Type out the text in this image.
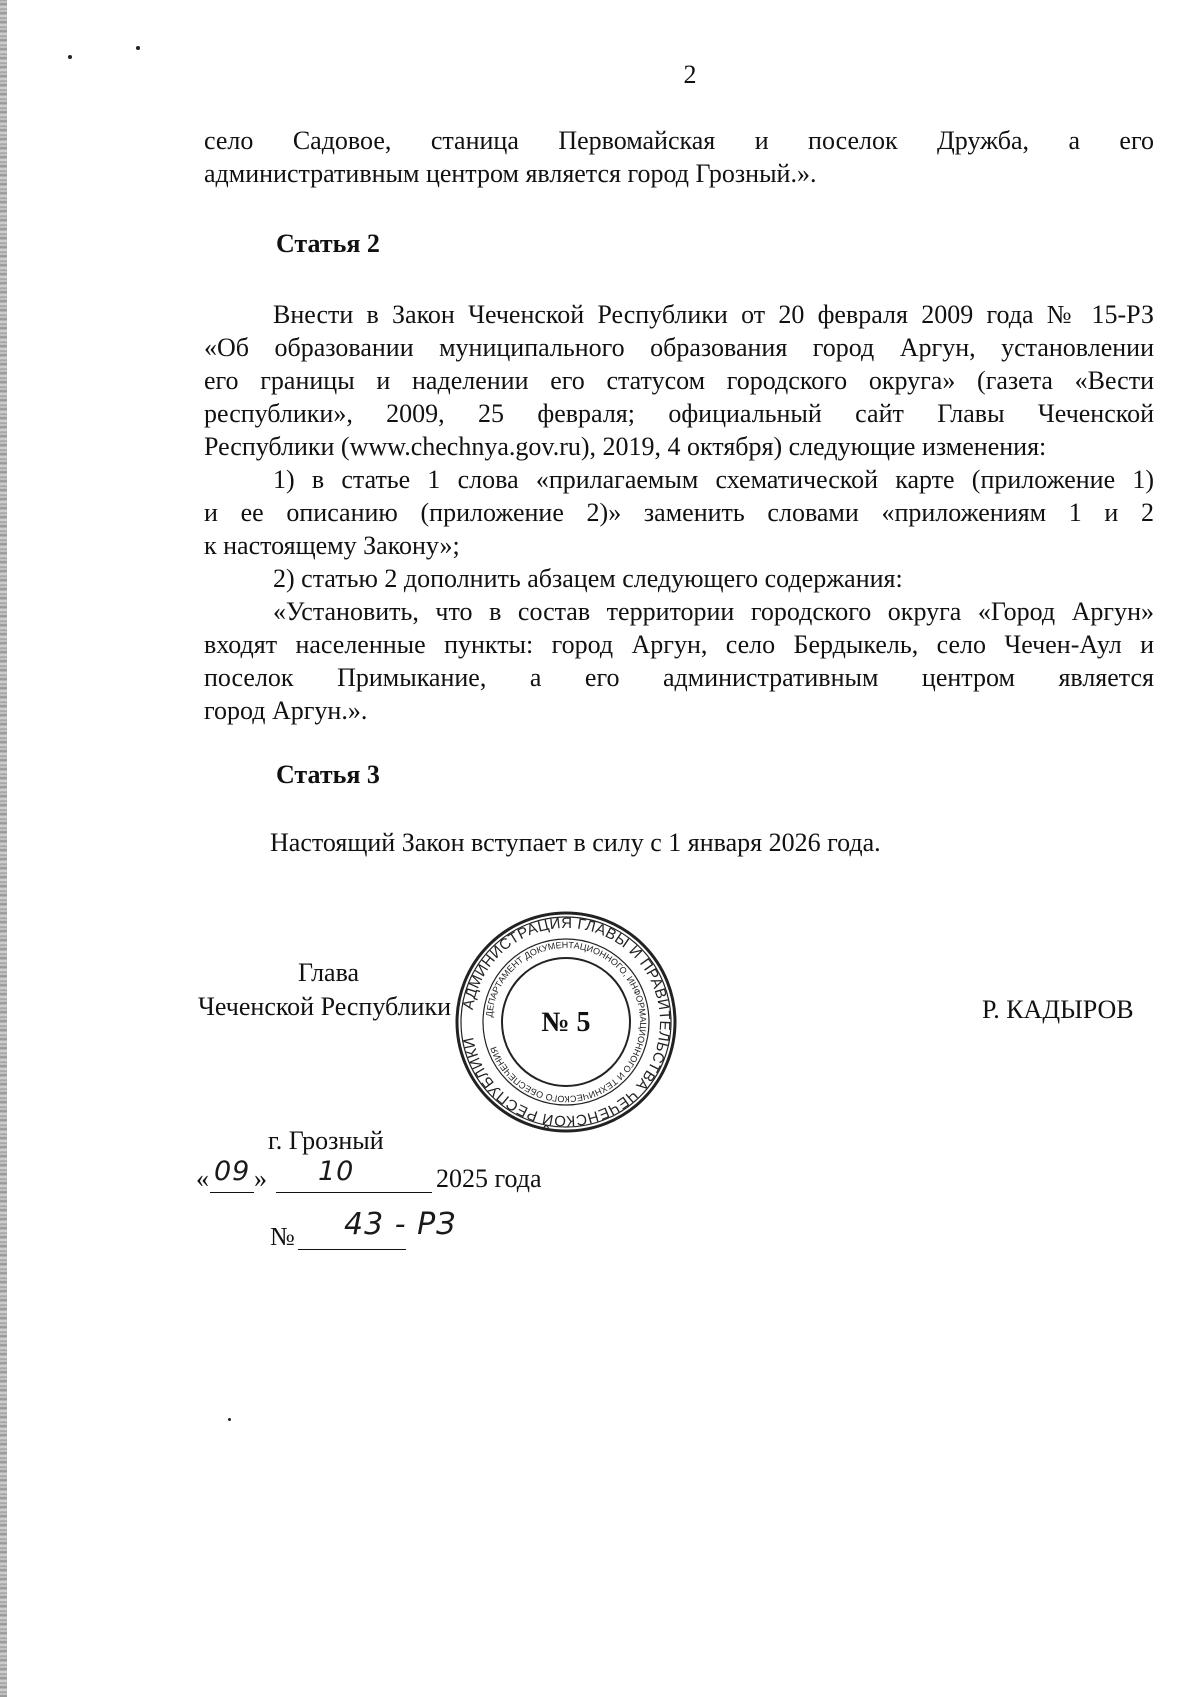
2
село Садовое, станица Первомайская и поселок Дружба, а его
административным центром является город Грозный.».
Статья 2
Внести в Закон Чеченской Республики от 20 февраля 2009 года № 15-РЗ
«Об образовании муниципального образования город Аргун, установлении
его границы и наделении его статусом городского округа» (газета «Вести
республики», 2009, 25 февраля; официальный сайт Главы Чеченской
Республики (www.chechnya.gov.ru), 2019, 4 октября) следующие изменения:
1) в статье 1 слова «прилагаемым схематической карте (приложение 1)
и ее описанию (приложение 2)» заменить словами «приложениям 1 и 2
к настоящему Закону»;
2) статью 2 дополнить абзацем следующего содержания:
«Установить, что в состав территории городского округа «Город Аргун»
входят населенные пункты: город Аргун, село Бердыкель, село Чечен-Аул и
поселок Примыкание, а его административным центром является
город Аргун.».
Статья 3
Настоящий Закон вступает в силу с 1 января 2026 года.
Глава
Чеченской Республики	Р. КАДЫРОВ
АДМИНИСТРАЦИЯ ГЛАВЫ И ПРАВИТЕЛЬСТВА ЧЕЧЕНСКОЙ РЕСПУБЛИКИ
ДЕПАРТАМЕНТ ДОКУМЕНТАЦИОННОГО, ИНФОРМАЦИОННОГО И ТЕХНИЧЕСКОГО ОБЕСПЕЧЕНИЯ
№ 5
г. Грозный
« 09 » 10	2025 года
№ 43 - РЗ
